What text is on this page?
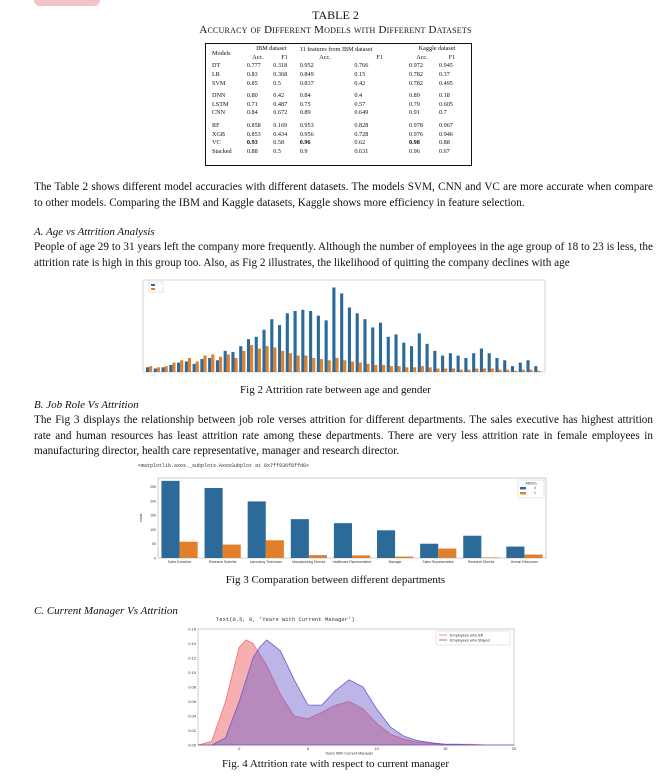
TABLE 2
Accuracy of Different Models with Different Datasets
Models	IBM dataset		11 features from IBM dataset		Kaggle dataset	
	Acc.	F1	Acc.	F1	Acc.	F1
DT	0.777	0.318	0.952	0.766	0.972	0.945
LR	0.83	0.368	0.849	0.15	0.782	0.37
SVM	0.85	0.5	0.837	0.42	0.782	0.495
DNN	0.80	0.42	0.84	0.4	0.89	0.18
LSTM	0.71	0.487	0.75	0.57	0.79	0.605
CNN	0.84	0.672	0.89	0.649	0.91	0.7
RF	0.858	0.169	0.953	0.828	0.978	0.967
XGB	0.853	0.434	0.956	0.728	0.976	0.946
VC	0.93	0.58	0.96	0.62	0.98	0.88
Stacked	0.88	0.5	0.9	0.631	0.96	0.67
The Table 2 shows different model accuracies with different datasets. The models SVM, CNN and VC are more accurate when compare to other models. Comparing the IBM and Kaggle datasets, Kaggle shows more efficiency in feature selection.
A. Age vs Attrition Analysis
People of age 29 to 31 years left the company more frequently. Although the number of employees in the age group of 18 to 23 is less, the attrition rate is high in this group too. Also, as Fig 2 illustrates, the likelihood of quitting the company declines with age
Fig 2 Attrition rate between age and gender
B. Job Role Vs Attrition
The Fig 3 displays the relationship between job role verses attrition for different departments. The sales executive has highest attrition rate and human resources has least attrition rate among these departments. There are very less attrition rate in female employees in manufacturing director, health care representative, manager and research director.
<matplotlib.axes._subplots.AxesSubplot at 0x7ff936f8ffd0>
0
50
100
150
200
250
count
Sales Executive	Research Scientist	Laboratory Technician	Manufacturing Director Healthcare Representative	Manager	Sales Representative	Research Director	Human Resources
Attrition
0
1
Fig 3 Comparation between different departments
C. Current Manager Vs Attrition
Text(0.5, 0, 'Years With Current Manager')
0.00
0.02
0.04
0.06
0.08
0.10
0.12
0.14
0.16
0	5	10	15	20
Years With Current Manager
Employees who left
Employees who Stayed
Fig. 4 Attrition rate with respect to current manager
